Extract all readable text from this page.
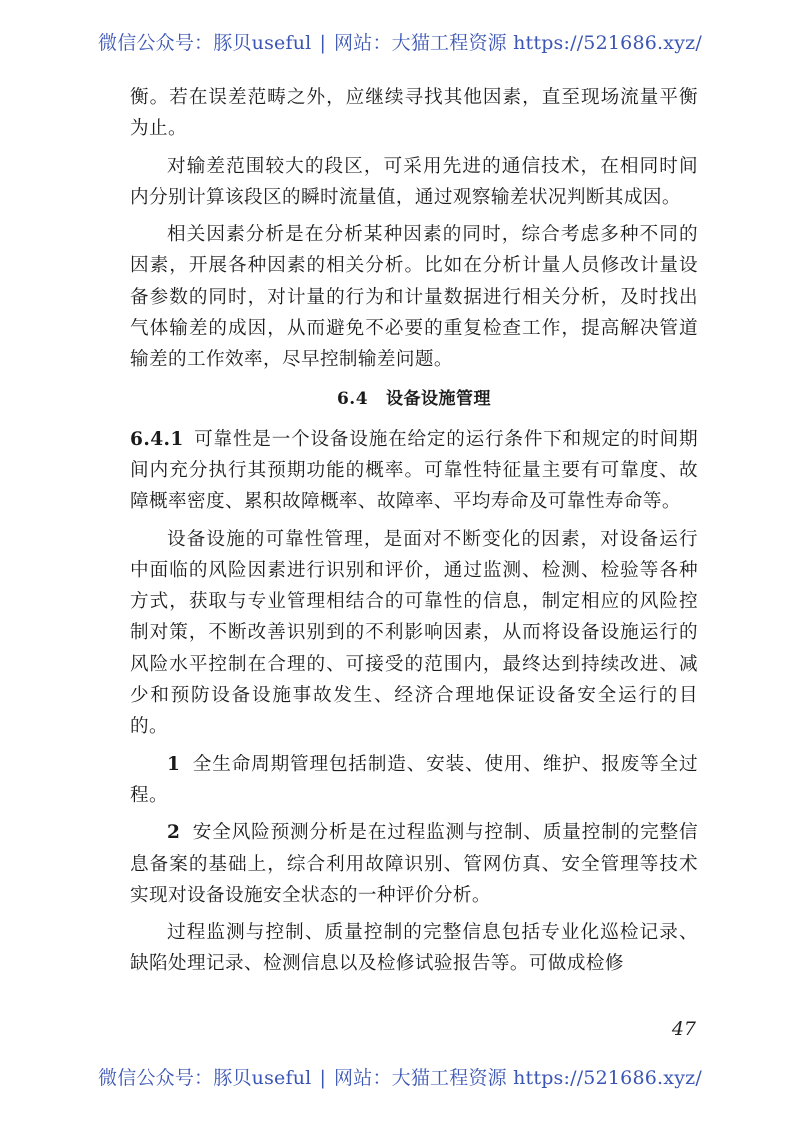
微信公众号：豚贝useful | 网站：大猫工程资源 https://521686.xyz/

衡。若在误差范畴之外，应继续寻找其他因素，直至现场流量平衡为止。

对输差范围较大的段区，可采用先进的通信技术，在相同时间内分别计算该段区的瞬时流量值，通过观察输差状况判断其成因。

相关因素分析是在分析某种因素的同时，综合考虑多种不同的因素，开展各种因素的相关分析。比如在分析计量人员修改计量设备参数的同时，对计量的行为和计量数据进行相关分析，及时找出气体输差的成因，从而避免不必要的重复检查工作，提高解决管道输差的工作效率，尽早控制输差问题。

6.4 设备设施管理

6.4.1 可靠性是一个设备设施在给定的运行条件下和规定的时间期间内充分执行其预期功能的概率。可靠性特征量主要有可靠度、故障概率密度、累积故障概率、故障率、平均寿命及可靠性寿命等。

设备设施的可靠性管理，是面对不断变化的因素，对设备运行中面临的风险因素进行识别和评价，通过监测、检测、检验等各种方式，获取与专业管理相结合的可靠性的信息，制定相应的风险控制对策，不断改善识别到的不利影响因素，从而将设备设施运行的风险水平控制在合理的、可接受的范围内，最终达到持续改进、减少和预防设备设施事故发生、经济合理地保证设备安全运行的目的。

1 全生命周期管理包括制造、安装、使用、维护、报废等全过程。

2 安全风险预测分析是在过程监测与控制、质量控制的完整信息备案的基础上，综合利用故障识别、管网仿真、安全管理等技术实现对设备设施安全状态的一种评价分析。

过程监测与控制、质量控制的完整信息包括专业化巡检记录、缺陷处理记录、检测信息以及检修试验报告等。可做成检修

47
微信公众号：豚贝useful | 网站：大猫工程资源 https://521686.xyz/
